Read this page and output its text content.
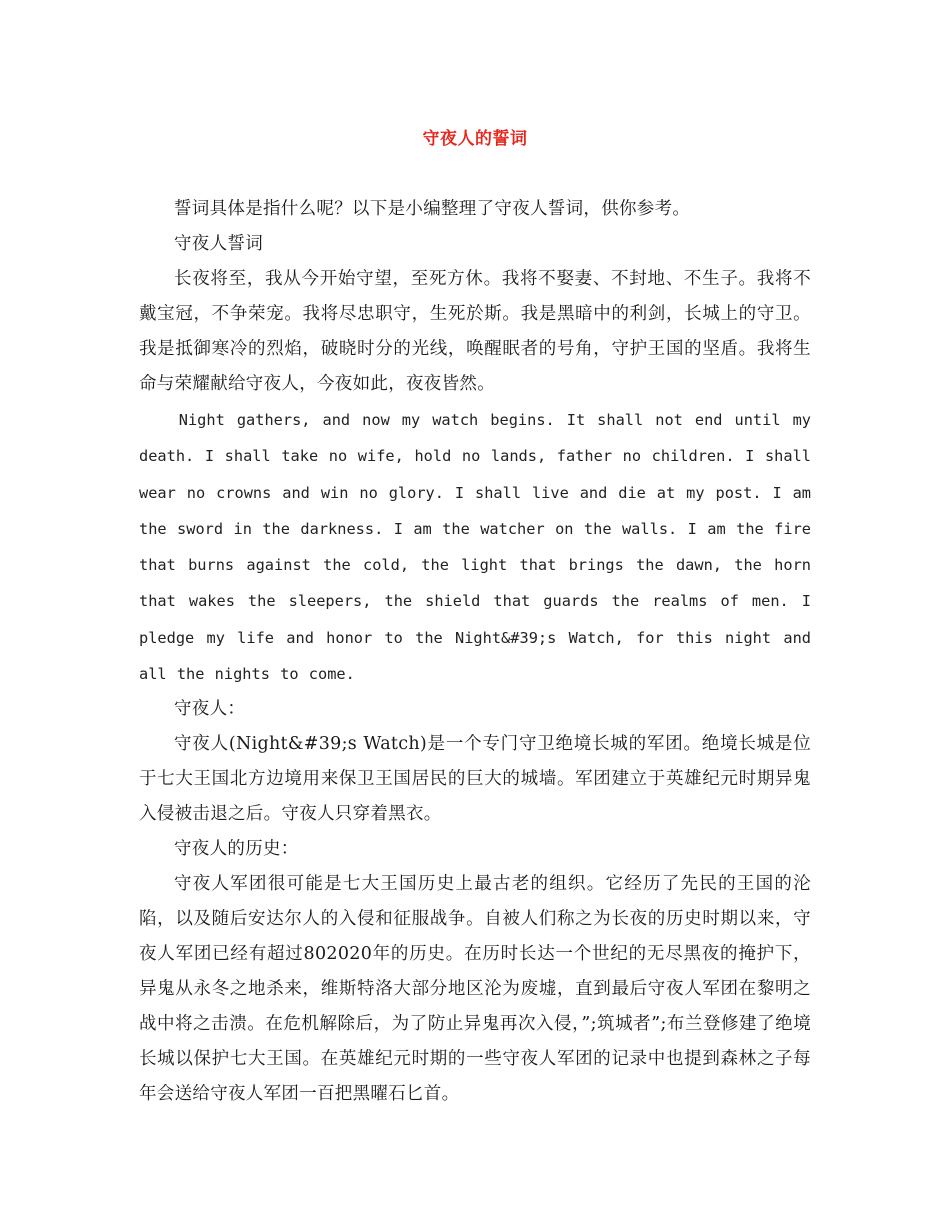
守夜人的誓词

誓词具体是指什么呢？以下是小编整理了守夜人誓词，供你参考。

守夜人誓词

长夜将至，我从今开始守望，至死方休。我将不娶妻、不封地、不生子。我将不戴宝冠，不争荣宠。我将尽忠职守，生死於斯。我是黑暗中的利剑，长城上的守卫。我是抵御寒冷的烈焰，破晓时分的光线，唤醒眠者的号角，守护王国的坚盾。我将生命与荣耀献给守夜人，今夜如此，夜夜皆然。

Night gathers, and now my watch begins. It shall not end until my death. I shall take no wife, hold no lands, father no children. I shall wear no crowns and win no glory. I shall live and die at my post. I am the sword in the darkness. I am the watcher on the walls. I am the fire that burns against the cold, the light that brings the dawn, the horn that wakes the sleepers, the shield that guards the realms of men. I pledge my life and honor to the Night&#39;s Watch, for this night and all the nights to come.

守夜人：

守夜人(Night&#39;s Watch)是一个专门守卫绝境长城的军团。绝境长城是位于七大王国北方边境用来保卫王国居民的巨大的城墙。军团建立于英雄纪元时期异鬼入侵被击退之后。守夜人只穿着黑衣。

守夜人的历史：

守夜人军团很可能是七大王国历史上最古老的组织。它经历了先民的王国的沦陷，以及随后安达尔人的入侵和征服战争。自被人们称之为长夜的历史时期以来，守夜人军团已经有超过802020年的历史。在历时长达一个世纪的无尽黑夜的掩护下，异鬼从永冬之地杀来，维斯特洛大部分地区沦为废墟，直到最后守夜人军团在黎明之战中将之击溃。在危机解除后，为了防止异鬼再次入侵，”;筑城者”;布兰登修建了绝境长城以保护七大王国。在英雄纪元时期的一些守夜人军团的记录中也提到森林之子每年会送给守夜人军团一百把黑曜石匕首。
